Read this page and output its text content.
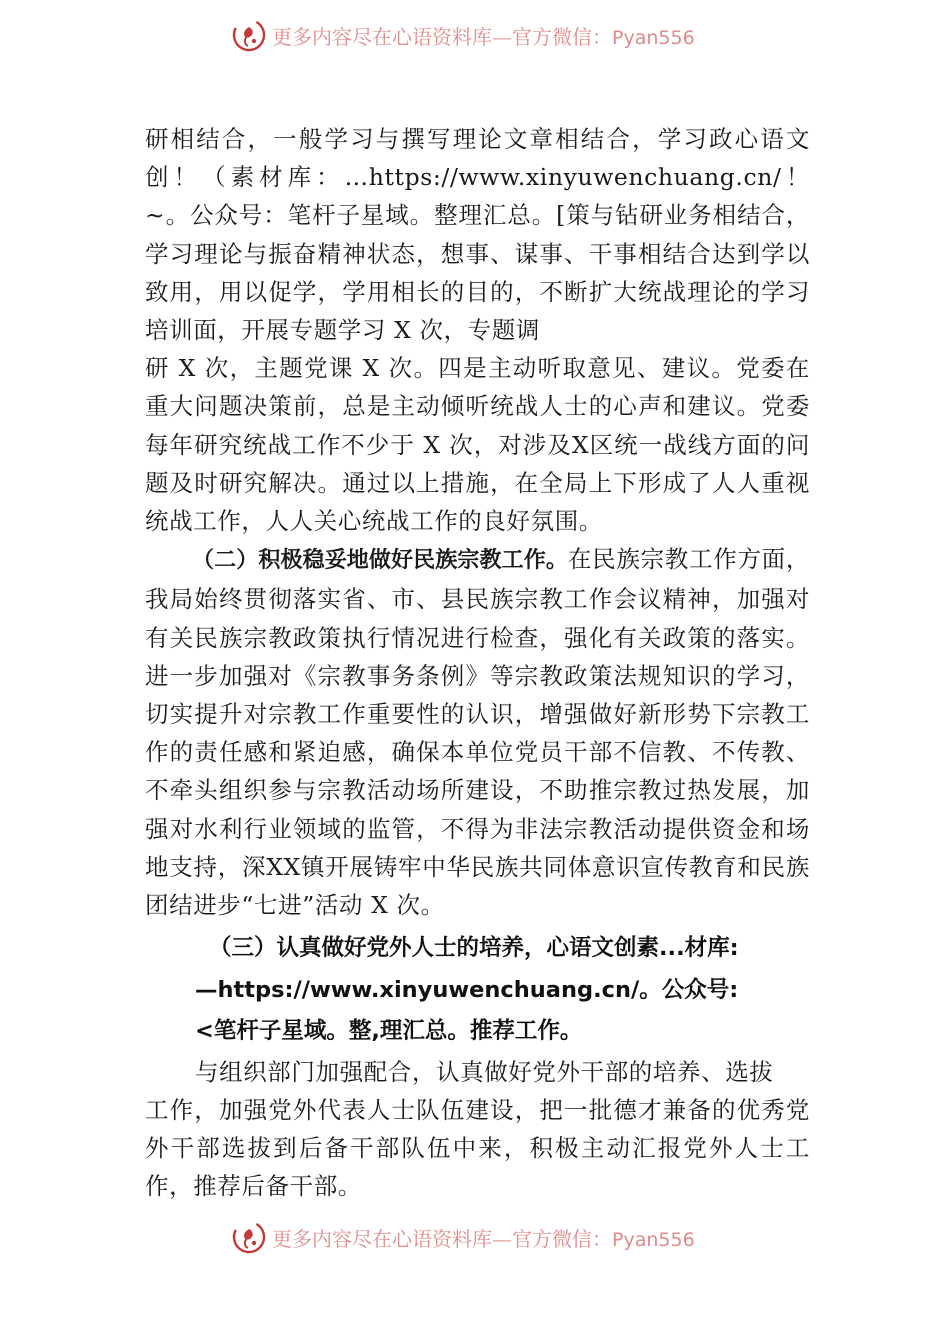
更多内容尽在心语资料库—官方微信：Pyan556

研相结合，一般学习与撰写理论文章相结合，学习政心语文创！（素材库：…https://www.xinyuwenchuang.cn/！~。公众号：笔杆子星域。整理汇总。[策与钻研业务相结合，学习理论与振奋精神状态，想事、谋事、干事相结合达到学以致用，用以促学，学用相长的目的，不断扩大统战理论的学习培训面，开展专题学习 X 次，专题调

研 X 次，主题党课 X 次。四是主动听取意见、建议。党委在重大问题决策前，总是主动倾听统战人士的心声和建议。党委每年研究统战工作不少于 X 次，对涉及X区统一战线方面的问题及时研究解决。通过以上措施，在全局上下形成了人人重视统战工作，人人关心统战工作的良好氛围。

（二）积极稳妥地做好民族宗教工作。在民族宗教工作方面，我局始终贯彻落实省、市、县民族宗教工作会议精神，加强对有关民族宗教政策执行情况进行检查，强化有关政策的落实。进一步加强对《宗教事务条例》等宗教政策法规知识的学习，切实提升对宗教工作重要性的认识，增强做好新形势下宗教工作的责任感和紧迫感，确保本单位党员干部不信教、不传教、不牵头组织参与宗教活动场所建设，不助推宗教过热发展，加强对水利行业领域的监管，不得为非法宗教活动提供资金和场地支持，深XX镇开展铸牢中华民族共同体意识宣传教育和民族团结进步“七进”活动 X 次。

（三）认真做好党外人士的培养，心语文创素...材库:
—https://www.xinyuwenchuang.cn/。公众号:
<笔杆子星域。整,理汇总。推荐工作。

与组织部门加强配合，认真做好党外干部的培养、选拔
工作，加强党外代表人士队伍建设，把一批德才兼备的优秀党外干部选拔到后备干部队伍中来，积极主动汇报党外人士工作，推荐后备干部。

更多内容尽在心语资料库—官方微信：Pyan556
